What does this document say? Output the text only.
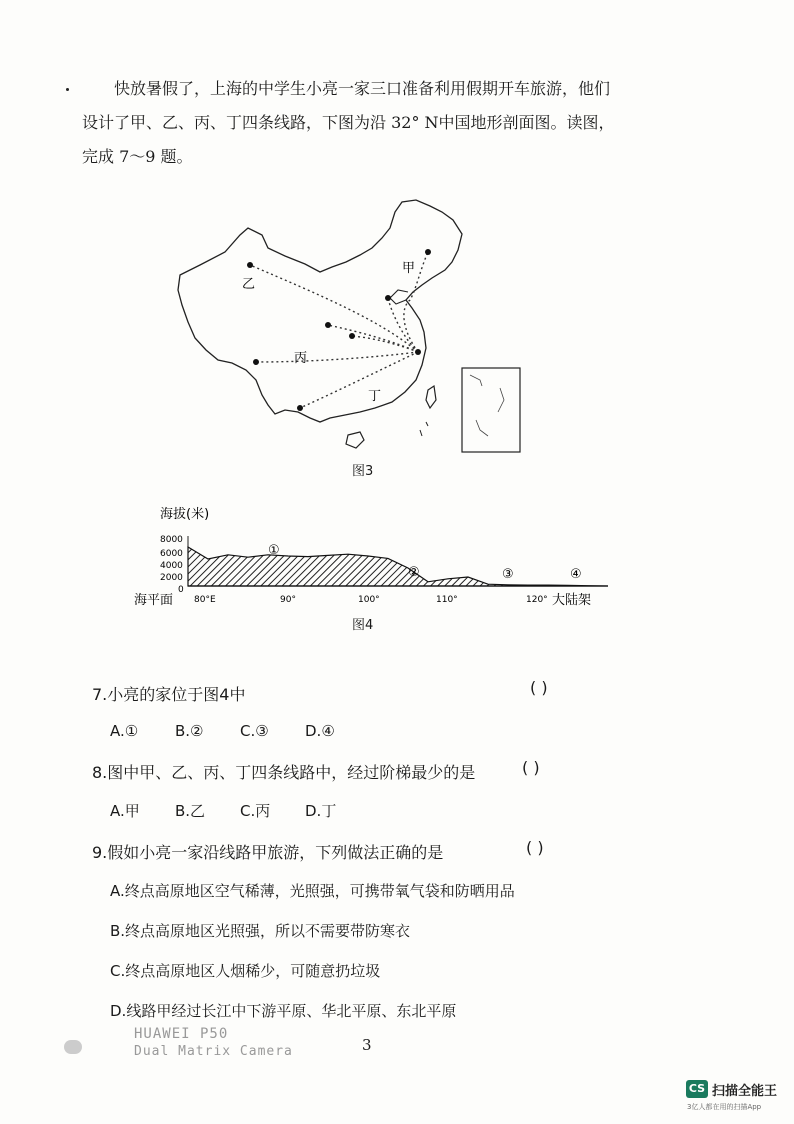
快放暑假了，上海的中学生小亮一家三口准备利用假期开车旅游，他们

设计了甲、乙、丙、丁四条线路，下图为沿 32° N中国地形剖面图。读图，

完成 7～9 题。

甲
乙
丙
丁
图3
海拔(米)
8000
6000
4000
2000
0
海平面 80°E	90°	100°	110°	120° 大陆架
①
②	③	④
图4
7.小亮的家位于图4中	( )
A.① B.② C.③ D.④
8.图中甲、乙、丙、丁四条线路中，经过阶梯最少的是	( )
A.甲 B.乙 C.丙 D.丁
9.假如小亮一家沿线路甲旅游，下列做法正确的是	( )
A.终点高原地区空气稀薄，光照强，可携带氧气袋和防晒用品
B.终点高原地区光照强，所以不需要带防寒衣
C.终点高原地区人烟稀少，可随意扔垃圾
D.线路甲经过长江中下游平原、华北平原、东北平原
HUAWEI P50
Dual Matrix Camera	3
CS 扫描全能王
3亿人都在用的扫描App
